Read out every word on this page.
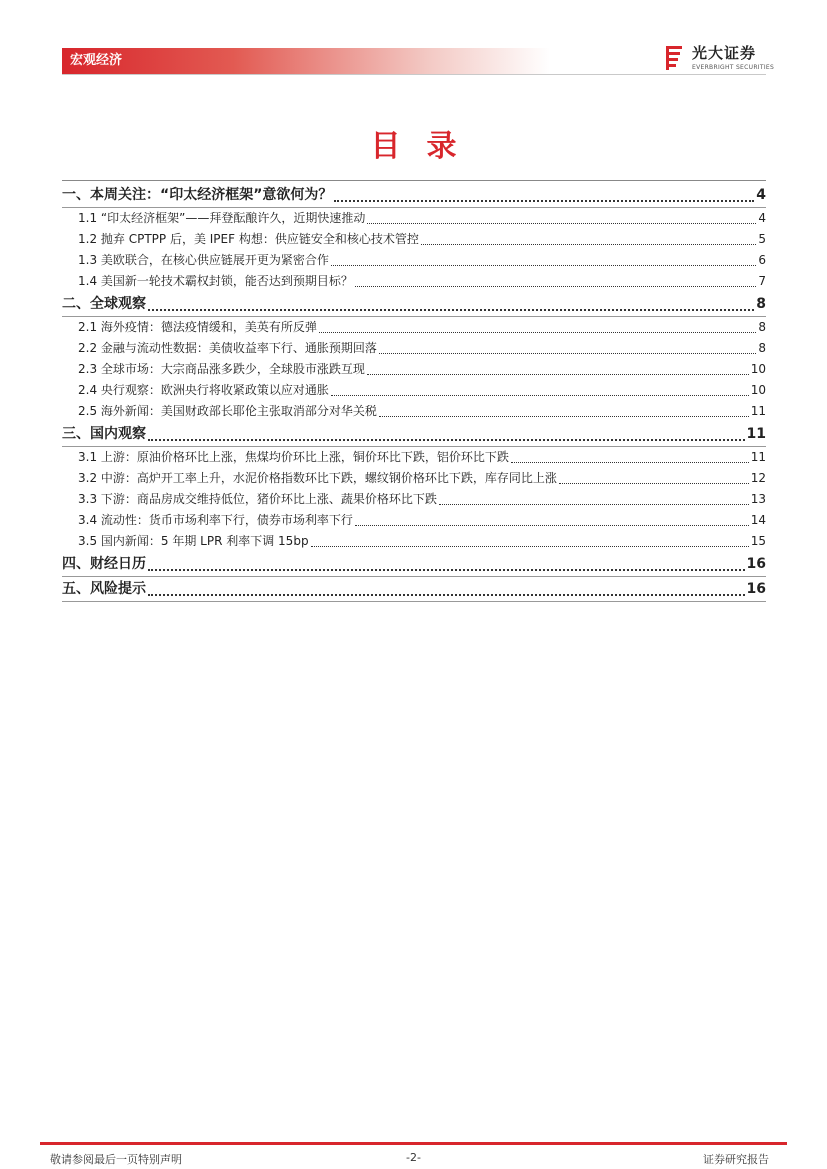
宏观经济	光大证券
EVERBRIGHT SECURITIES
目录
一、本周关注：“印太经济框架”意欲何为？	4
1.1 “印太经济框架”——拜登酝酿许久，近期快速推动	4
1.2 抛弃 CPTPP 后，美 IPEF 构想：供应链安全和核心技术管控	5
1.3 美欧联合，在核心供应链展开更为紧密合作	6
1.4 美国新一轮技术霸权封锁，能否达到预期目标？	7
二、全球观察	8
2.1 海外疫情：德法疫情缓和，美英有所反弹	8
2.2 金融与流动性数据：美债收益率下行、通胀预期回落	8
2.3 全球市场：大宗商品涨多跌少，全球股市涨跌互现	10
2.4 央行观察：欧洲央行将收紧政策以应对通胀	10
2.5 海外新闻：美国财政部长耶伦主张取消部分对华关税	11
三、国内观察	11
3.1 上游：原油价格环比上涨，焦煤均价环比上涨，铜价环比下跌，铝价环比下跌	11
3.2 中游：高炉开工率上升，水泥价格指数环比下跌，螺纹钢价格环比下跌，库存同比上涨	12
3.3 下游：商品房成交维持低位，猪价环比上涨、蔬果价格环比下跌	13
3.4 流动性：货币市场利率下行，债券市场利率下行	14
3.5 国内新闻：5 年期 LPR 利率下调 15bp	15
四、财经日历	16
五、风险提示	16
敬请参阅最后一页特别声明	-2-	证券研究报告
